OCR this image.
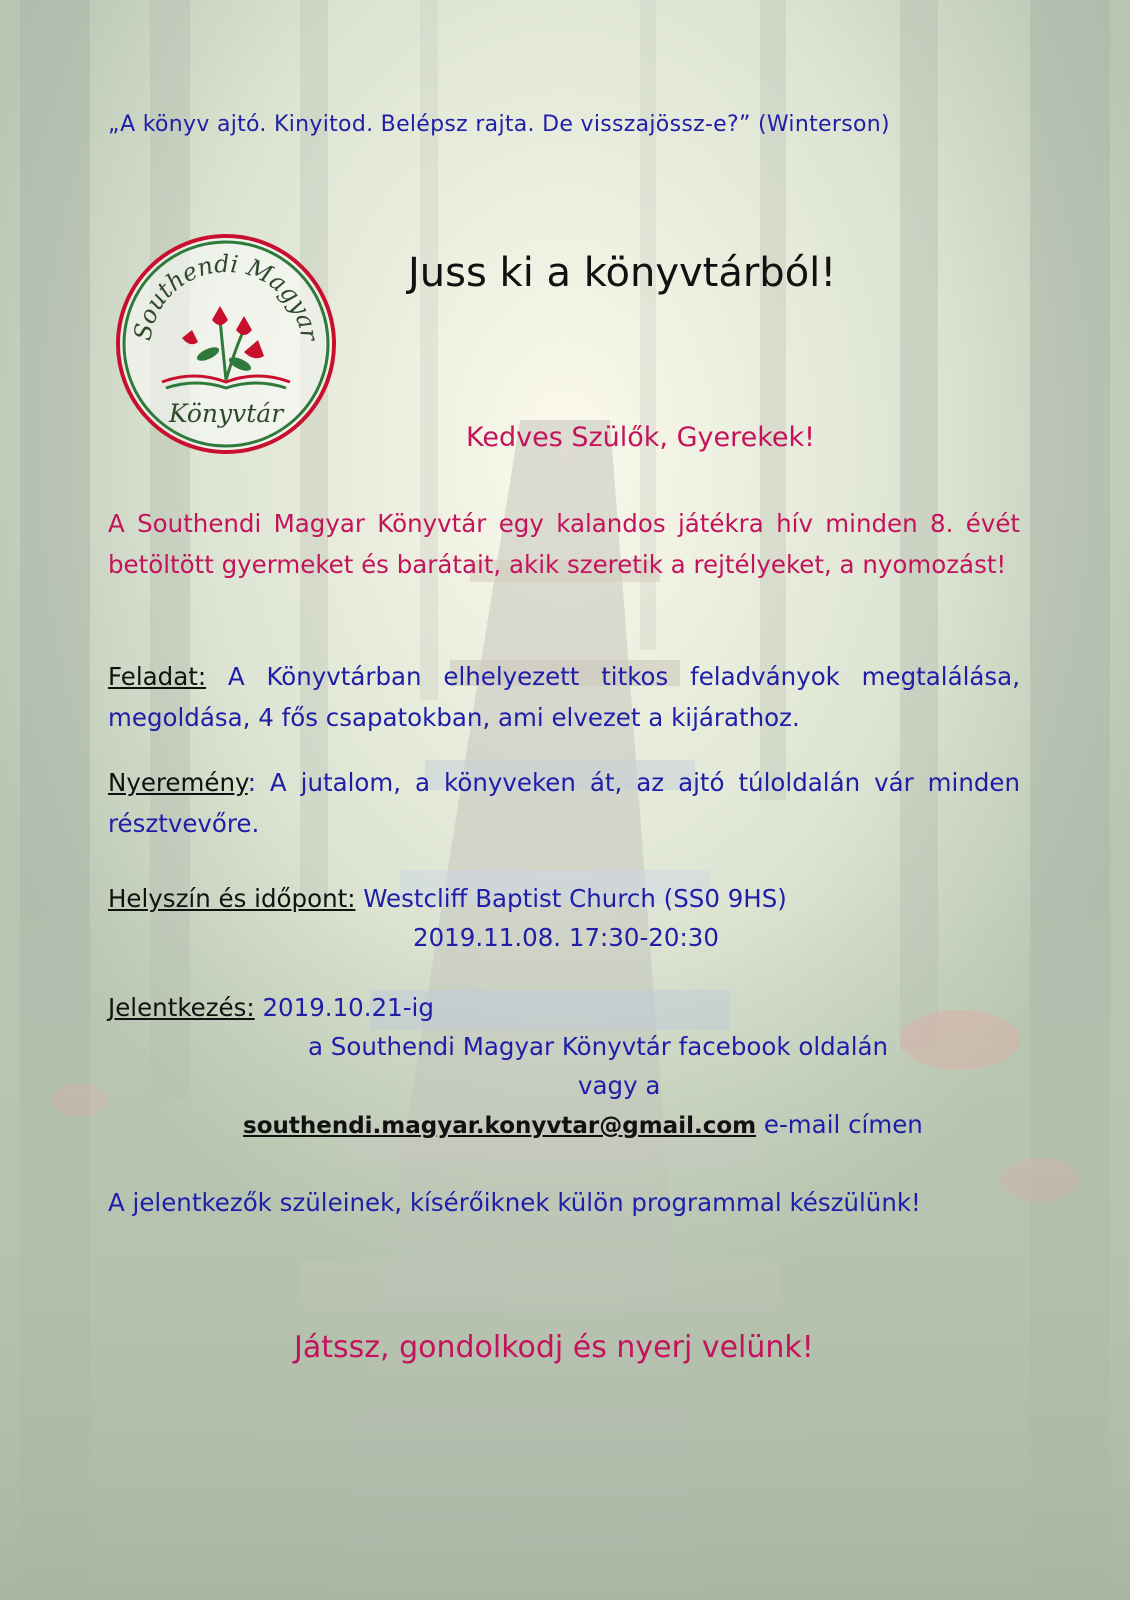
„A könyv ajtó. Kinyitod. Belépsz rajta. De visszajössz-e?” (Winterson)
Southendi Magyar
Könyvtár
Juss ki a könyvtárból!
Kedves Szülők, Gyerekek!
A Southendi Magyar Könyvtár egy kalandos játékra hív minden 8. évét betöltött gyermeket és barátait, akik szeretik a rejtélyeket, a nyomozást!
Feladat: A Könyvtárban elhelyezett titkos feladványok megtalálása, megoldása, 4 fős csapatokban, ami elvezet a kijárathoz.
Nyeremény: A jutalom, a könyveken át, az ajtó túloldalán vár minden résztvevőre.
Helyszín és időpont: Westcliff Baptist Church (SS0 9HS)
2019.11.08. 17:30-20:30
Jelentkezés: 2019.10.21-ig
a Southendi Magyar Könyvtár facebook oldalán
vagy a
southendi.magyar.konyvtar@gmail.com e-mail címen
A jelentkezők szüleinek, kísérőiknek külön programmal készülünk!
Játssz, gondolkodj és nyerj velünk!
